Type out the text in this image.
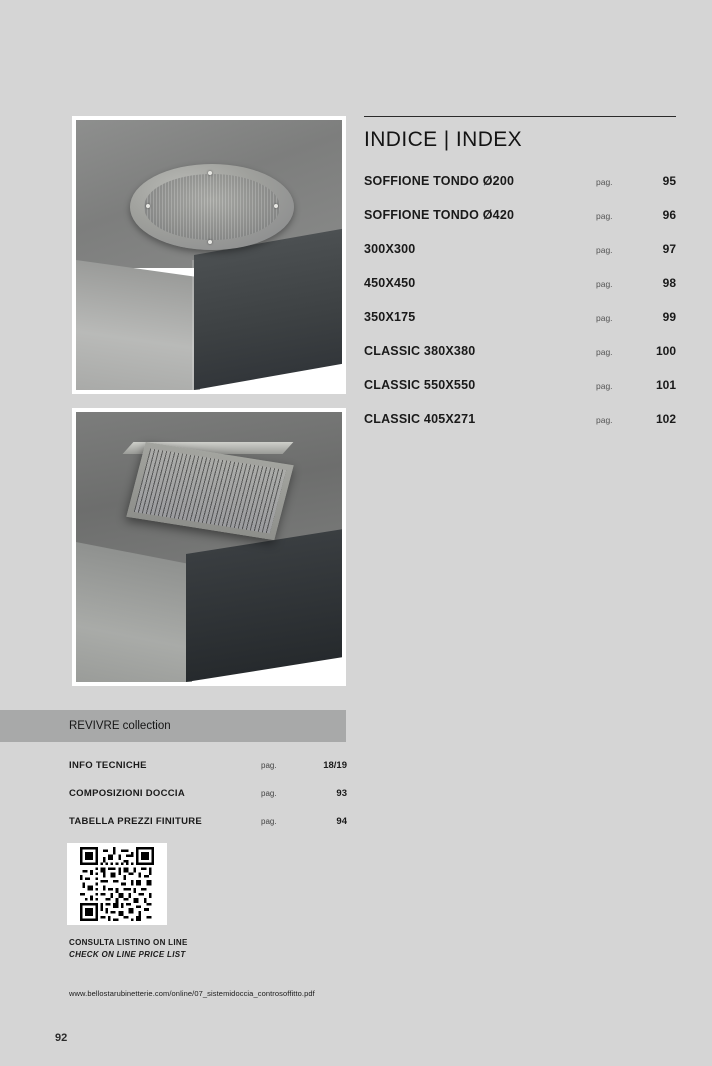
INDICE | INDEX
SOFFIONE TONDO Ø200	pag.	95
SOFFIONE TONDO Ø420	pag.	96
300X300	pag.	97
450X450	pag.	98
350X175	pag.	99
CLASSIC 380X380	pag.	100
CLASSIC 550X550	pag.	101
CLASSIC 405X271	pag.	102
REVIVRE collection
INFO TECNICHE	pag.	18/19
COMPOSIZIONI DOCCIA	pag.	93
TABELLA PREZZI FINITURE	pag.	94
CONSULTA LISTINO ON LINE
CHECK ON LINE PRICE LIST
www.bellostarubinetterie.com/online/07_sistemidoccia_controsoffitto.pdf
92
